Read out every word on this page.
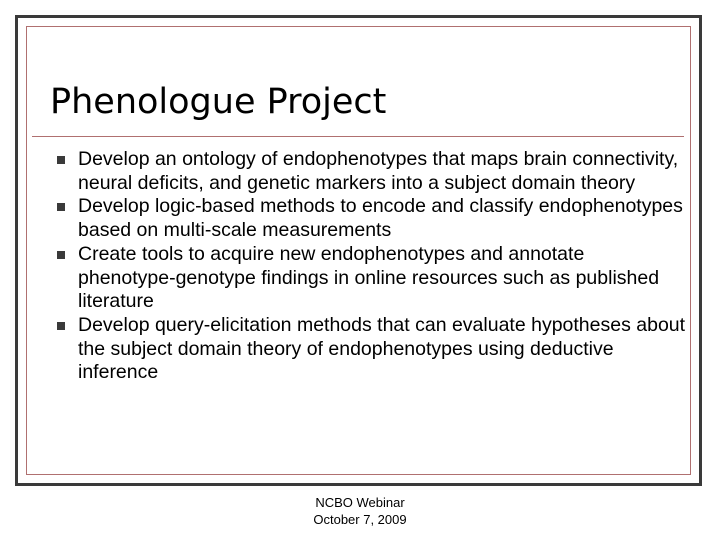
Phenologue Project
Develop an ontology of endophenotypes that maps brain connectivity, neural deficits, and genetic markers into a subject domain theory
Develop logic-based methods to encode and classify endophenotypes based on multi-scale measurements
Create tools to acquire new endophenotypes and annotate phenotype-genotype findings in online resources such as published literature
Develop query-elicitation methods that can evaluate hypotheses about the subject domain theory of endophenotypes using deductive inference
NCBO Webinar
October 7, 2009
